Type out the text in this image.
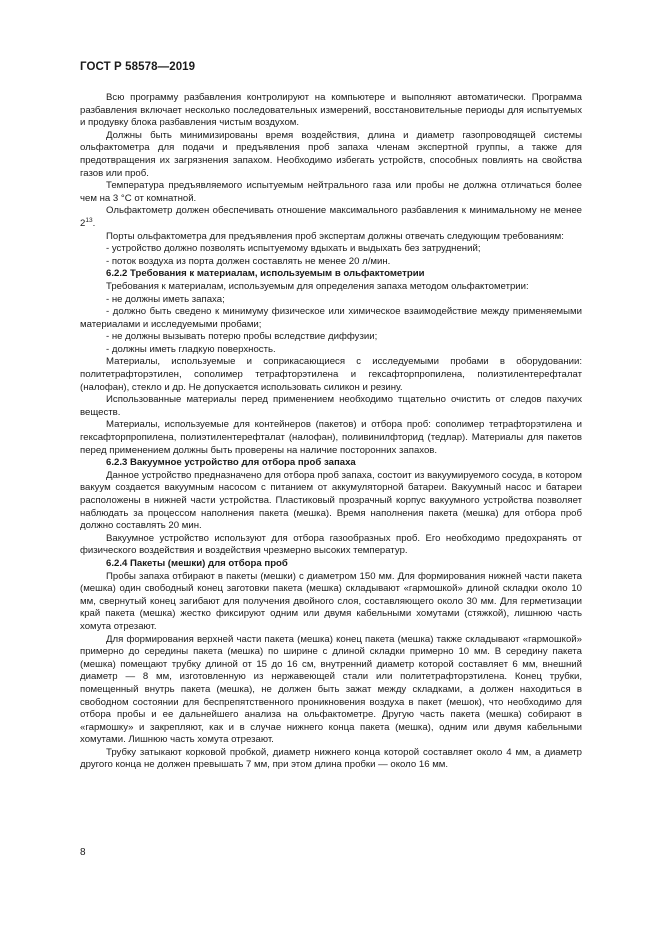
ГОСТ Р 58578—2019

Всю программу разбавления контролируют на компьютере и выполняют автоматически. Программа разбавления включает несколько последовательных измерений, восстановительные периоды для испытуемых и продувку блока разбавления чистым воздухом.

Должны быть минимизированы время воздействия, длина и диаметр газопроводящей системы ольфактометра для подачи и предъявления проб запаха членам экспертной группы, а также для предотвращения их загрязнения запахом. Необходимо избегать устройств, способных повлиять на свойства газов или проб.

Температура предъявляемого испытуемым нейтрального газа или пробы не должна отличаться более чем на 3 °С от комнатной.

Ольфактометр должен обеспечивать отношение максимального разбавления к минимальному не менее $2^{13}$.

Порты ольфактометра для предъявления проб экспертам должны отвечать следующим требованиям:

- устройство должно позволять испытуемому вдыхать и выдыхать без затруднений;

- поток воздуха из порта должен составлять не менее 20 л/мин.

6.2.2 Требования к материалам, используемым в ольфактометрии

Требования к материалам, используемым для определения запаха методом ольфактометрии:

- не должны иметь запаха;

- должно быть сведено к минимуму физическое или химическое взаимодействие между применяемыми материалами и исследуемыми пробами;

- не должны вызывать потерю пробы вследствие диффузии;

- должны иметь гладкую поверхность.

Материалы, используемые и соприкасающиеся с исследуемыми пробами в оборудовании: политетрафторэтилен, сополимер тетрафторэтилена и гексафторпропилена, полиэтилентерефталат (налофан), стекло и др. Не допускается использовать силикон и резину.

Использованные материалы перед применением необходимо тщательно очистить от следов пахучих веществ.

Материалы, используемые для контейнеров (пакетов) и отбора проб: сополимер тетрафторэтилена и гексафторпропилена, полиэтилентерефталат (налофан), поливинилфторид (тедлар). Материалы для пакетов перед применением должны быть проверены на наличие посторонних запахов.

6.2.3 Вакуумное устройство для отбора проб запаха

Данное устройство предназначено для отбора проб запаха, состоит из вакуумируемого сосуда, в котором вакуум создается вакуумным насосом с питанием от аккумуляторной батареи. Вакуумный насос и батареи расположены в нижней части устройства. Пластиковый прозрачный корпус вакуумного устройства позволяет наблюдать за процессом наполнения пакета (мешка). Время наполнения пакета (мешка) для отбора проб должно составлять 20 мин.

Вакуумное устройство используют для отбора газообразных проб. Его необходимо предохранять от физического воздействия и воздействия чрезмерно высоких температур.

6.2.4 Пакеты (мешки) для отбора проб

Пробы запаха отбирают в пакеты (мешки) с диаметром 150 мм. Для формирования нижней части пакета (мешка) один свободный конец заготовки пакета (мешка) складывают «гармошкой» длиной складки около 10 мм, свернутый конец загибают для получения двойного слоя, составляющего около 30 мм. Для герметизации край пакета (мешка) жестко фиксируют одним или двумя кабельными хомутами (стяжкой), лишнюю часть хомута отрезают.

Для формирования верхней части пакета (мешка) конец пакета (мешка) также складывают «гармошкой» примерно до середины пакета (мешка) по ширине с длиной складки примерно 10 мм. В середину пакета (мешка) помещают трубку длиной от 15 до 16 см, внутренний диаметр которой составляет 6 мм, внешний диаметр — 8 мм, изготовленную из нержавеющей стали или политетрафторэтилена. Конец трубки, помещенный внутрь пакета (мешка), не должен быть зажат между складками, а должен находиться в свободном состоянии для беспрепятственного проникновения воздуха в пакет (мешок), что необходимо для отбора пробы и ее дальнейшего анализа на ольфактометре. Другую часть пакета (мешка) собирают в «гармошку» и закрепляют, как и в случае нижнего конца пакета (мешка), одним или двумя кабельными хомутами. Лишнюю часть хомута отрезают.

Трубку затыкают корковой пробкой, диаметр нижнего конца которой составляет около 4 мм, а диаметр другого конца не должен превышать 7 мм, при этом длина пробки — около 16 мм.

8
